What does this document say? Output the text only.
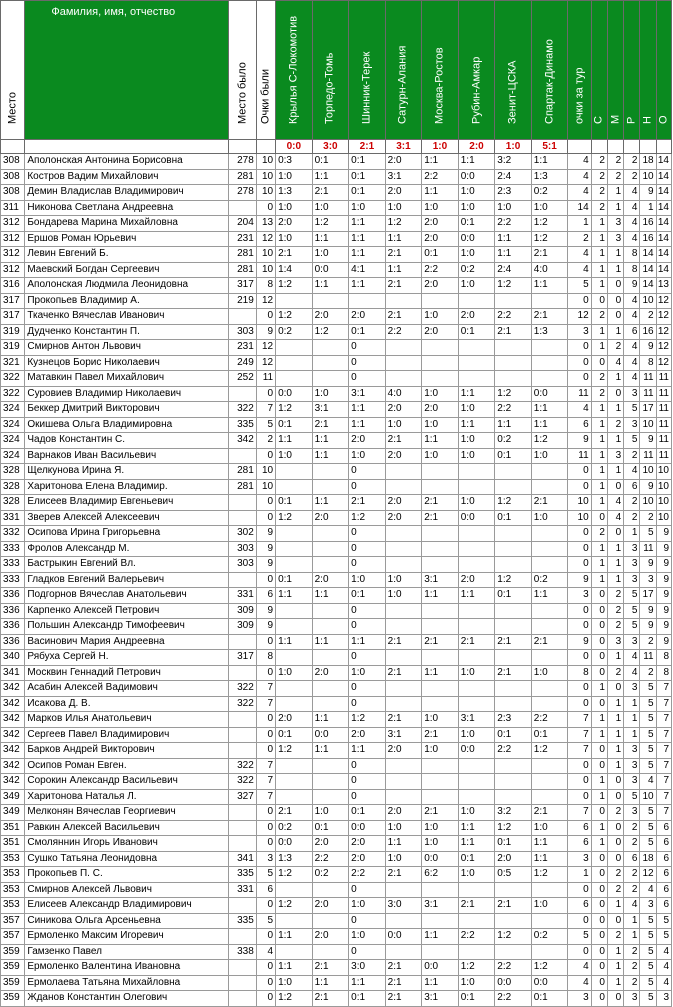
Место	Фамилия, имя, отчество	Место было	Очки были	Крылья С-Локомотив	Торпедо-Томь	Шинник-Терек	Сатурн-Алания	Москва-Ростов	Рубин-Амкар	Зенит-ЦСКА	Спартак-Динамо	очки за тур	С	М	Р	Н	О

				0:0	3:0	2:1	3:1	1:0	2:0	1:0	5:1						
308	Аполонская Антонина Борисовна	278	10	0:3	0:1	0:1	2:0	1:1	1:1	3:2	1:1	4	2	2	2	18	14
308	Костров Вадим Михайлович	281	10	1:0	1:1	0:1	3:1	2:2	0:0	2:4	1:3	4	2	2	2	10	14
308	Демин Владислав Владимирович	278	10	1:3	2:1	0:1	2:0	1:1	1:0	2:3	0:2	4	2	1	4	9	14
311	Никонова Светлана Андреевна		0	1:0	1:0	1:0	1:0	1:0	1:0	1:0	1:0	14	2	1	4	1	14
312	Бондарева Марина Михайловна	204	13	2:0	1:2	1:1	1:2	2:0	0:1	2:2	1:2	1	1	3	4	16	14
312	Ершов Роман Юрьевич	231	12	1:0	1:1	1:1	1:1	2:0	0:0	1:1	1:2	2	1	3	4	16	14
312	Левин Евгений Б.	281	10	2:1	1:0	1:1	2:1	0:1	1:0	1:1	2:1	4	1	1	8	14	14
312	Маевский Богдан Сергеевич	281	10	1:4	0:0	4:1	1:1	2:2	0:2	2:4	4:0	4	1	1	8	14	14
316	Аполонская Людмила Леонидовна	317	8	1:2	1:1	1:1	2:1	2:0	1:0	1:2	1:1	5	1	0	9	14	13
317	Прокопьев Владимир А.	219	12									0	0	0	4	10	12
317	Ткаченко Вячеслав Иванович		0	1:2	2:0	2:0	2:1	1:0	2:0	2:2	2:1	12	2	0	4	2	12
319	Дудченко Константин П.	303	9	0:2	1:2	0:1	2:2	2:0	0:1	2:1	1:3	3	1	1	6	16	12
319	Смирнов Антон Львович	231	12			0						0	1	2	4	9	12
321	Кузнецов Борис Николаевич	249	12			0						0	0	4	4	8	12
322	Матавкин Павел Михайлович	252	11			0						0	2	1	4	11	11
322	Суровиев Владимир Николаевич		0	0:0	1:0	3:1	4:0	1:0	1:1	1:2	0:0	11	2	0	3	11	11
324	Беккер Дмитрий Викторович	322	7	1:2	3:1	1:1	2:0	2:0	1:0	2:2	1:1	4	1	1	5	17	11
324	Окишева Ольга Владимировна	335	5	0:1	2:1	1:1	1:0	1:0	1:1	1:1	1:1	6	1	2	3	10	11
324	Чадов Константин С.	342	2	1:1	1:1	2:0	2:1	1:1	1:0	0:2	1:2	9	1	1	5	9	11
324	Варнаков Иван Васильевич		0	1:0	1:1	1:0	2:0	1:0	1:0	0:1	1:0	11	1	3	2	11	11
328	Щелкунова Ирина Я.	281	10			0						0	1	1	4	10	10
328	Харитонова Елена Владимир.	281	10			0						0	1	0	6	9	10
328	Елисеев Владимир Евгеньевич		0	0:1	1:1	2:1	2:0	2:1	1:0	1:2	2:1	10	1	4	2	10	10
331	Зверев Алексей Алексеевич		0	1:2	2:0	1:2	2:0	2:1	0:0	0:1	1:0	10	0	4	2	2	10
332	Осипова Ирина Григорьевна	302	9			0						0	2	0	1	5	9
333	Фролов Александр М.	303	9			0						0	1	1	3	11	9
333	Бастрыкин Евгений Вл.	303	9			0						0	1	1	3	9	9
333	Гладков Евгений Валерьевич		0	0:1	2:0	1:0	1:0	3:1	2:0	1:2	0:2	9	1	1	3	3	9
336	Подгорнов Вячеслав Анатольевич	331	6	1:1	1:1	0:1	1:0	1:1	1:1	0:1	1:1	3	0	2	5	17	9
336	Карпенко Алексей Петрович	309	9			0						0	0	2	5	9	9
336	Польшин Александр Тимофеевич	309	9			0						0	0	2	5	9	9
336	Васинович Мария Андреевна		0	1:1	1:1	1:1	2:1	2:1	2:1	2:1	2:1	9	0	3	3	2	9
340	Рябуха Сергей Н.	317	8			0						0	0	1	4	11	8
341	Москвин Геннадий Петрович		0	1:0	2:0	1:0	2:1	1:1	1:0	2:1	1:0	8	0	2	4	2	8
342	Асабин Алексей Вадимович	322	7			0						0	1	0	3	5	7
342	Исакова Д. В.	322	7			0						0	0	1	1	5	7
342	Марков Илья Анатольевич		0	2:0	1:1	1:2	2:1	1:0	3:1	2:3	2:2	7	1	1	1	5	7
342	Сергеев Павел Владимирович		0	0:1	0:0	2:0	3:1	2:1	1:0	0:1	0:1	7	1	1	1	5	7
342	Барков Андрей Викторович		0	1:2	1:1	1:1	2:0	1:0	0:0	2:2	1:2	7	0	1	3	5	7
342	Осипов Роман Евген.	322	7			0						0	0	1	3	5	7
342	Сорокин Александр Васильевич	322	7			0						0	1	0	3	4	7
349	Харитонова Наталья Л.	327	7			0						0	1	0	5	10	7
349	Мелконян Вячеслав Георгиевич		0	2:1	1:0	0:1	2:0	2:1	1:0	3:2	2:1	7	0	2	3	5	7
351	Равкин Алексей Васильевич		0	0:2	0:1	0:0	1:0	1:0	1:1	1:2	1:0	6	1	0	2	5	6
351	Смоляннин Игорь Иванович		0	0:0	2:0	2:0	1:1	1:0	1:1	0:1	1:1	6	1	0	2	5	6
353	Сушко Татьяна Леонидовна	341	3	1:3	2:2	2:0	1:0	0:0	0:1	2:0	1:1	3	0	0	6	18	6
353	Прокопьев П. С.	335	5	1:2	0:2	2:2	2:1	6:2	1:0	0:5	1:2	1	0	2	2	12	6
353	Смирнов Алексей Львович	331	6			0						0	0	2	2	4	6
353	Елисеев Александр Владимирович		0	1:2	2:0	1:0	3:0	3:1	2:1	2:1	1:0	6	0	1	4	3	6
357	Синикова Ольга Арсеньевна	335	5			0						0	0	0	1	5	5
357	Ермоленко Максим Игоревич		0	1:1	2:0	1:0	0:0	1:1	2:2	1:2	0:2	5	0	2	1	5	5
359	Гамзенко Павел	338	4			0						0	0	1	2	5	4
359	Ермоленко Валентина Ивановна		0	1:1	2:1	3:0	2:1	0:0	1:2	2:2	1:2	4	0	1	2	5	4
359	Ермолаева Татьяна Михайловна		0	1:0	1:1	1:1	2:1	1:1	1:0	0:0	0:0	4	0	1	2	5	4
359	Жданов Константин Олегович		0	1:2	2:1	0:1	2:1	3:1	0:1	2:2	0:1	3	0	0	3	5	3
